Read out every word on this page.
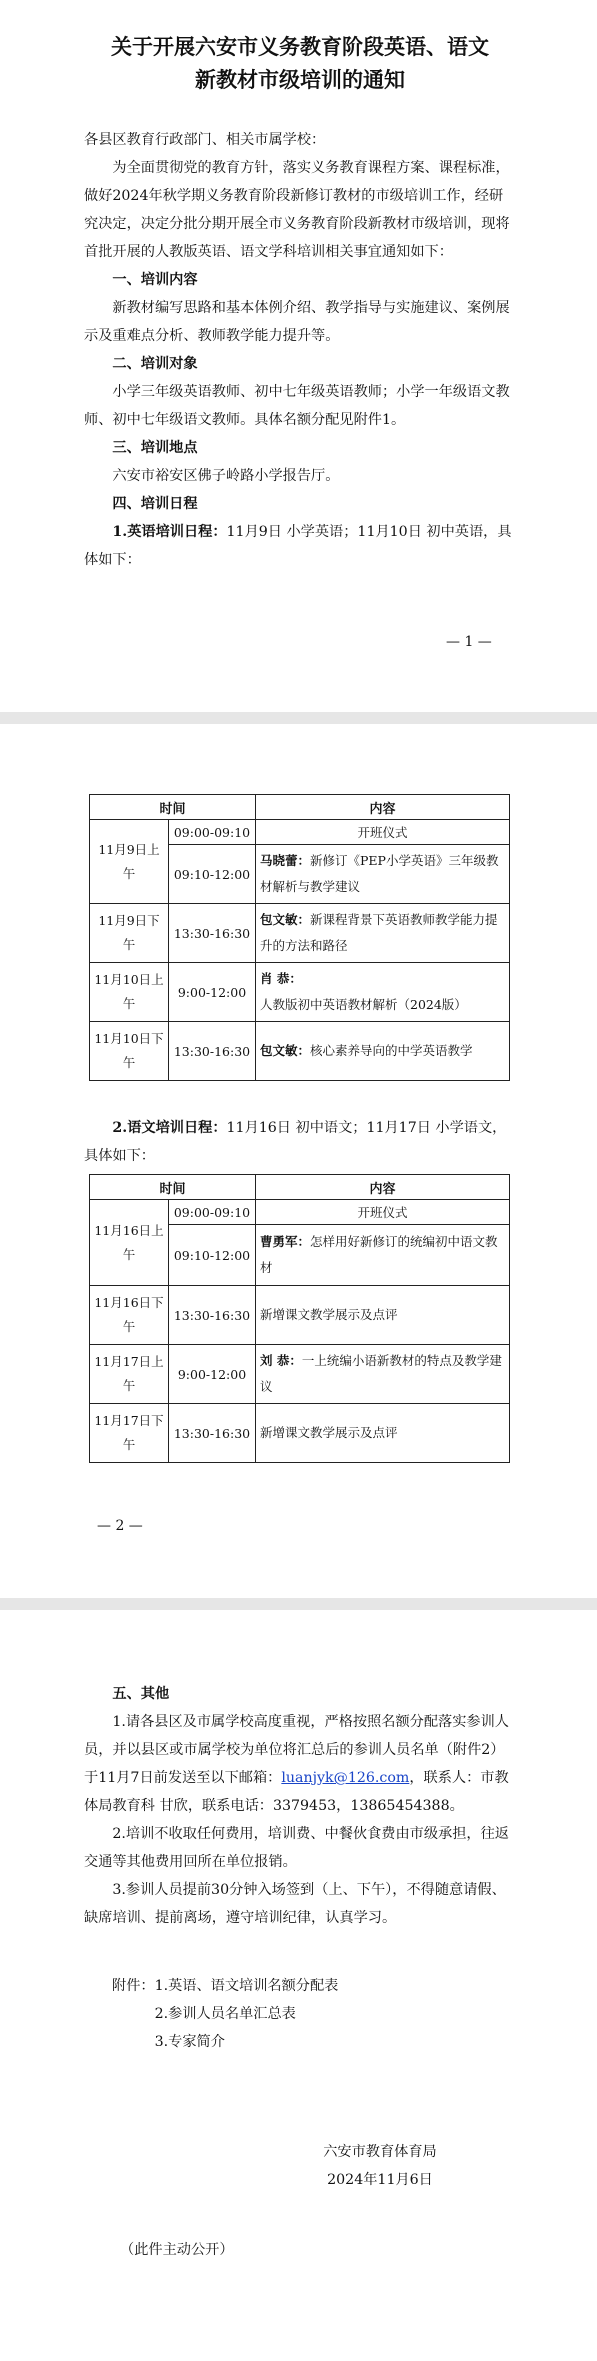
关于开展六安市义务教育阶段英语、语文
新教材市级培训的通知
各县区教育行政部门、相关市属学校：
为全面贯彻党的教育方针，落实义务教育课程方案、课程标准，做好2024年秋学期义务教育阶段新修订教材的市级培训工作，经研究决定，决定分批分期开展全市义务教育阶段新教材市级培训，现将首批开展的人教版英语、语文学科培训相关事宜通知如下：
一、培训内容
新教材编写思路和基本体例介绍、教学指导与实施建议、案例展示及重难点分析、教师教学能力提升等。
二、培训对象
小学三年级英语教师、初中七年级英语教师；小学一年级语文教师、初中七年级语文教师。具体名额分配见附件1。
三、培训地点
六安市裕安区佛子岭路小学报告厅。
四、培训日程
1.英语培训日程：11月9日 小学英语；11月10日 初中英语，具体如下：
— 1 —
时间		内容
11月9日上午	09:00-09:10	开班仪式
	09:10-12:00	马晓蕾：新修订《PEP小学英语》三年级教材解析与教学建议
11月9日下午	13:30-16:30	包文敏：新课程背景下英语教师教学能力提升的方法和路径
11月10日上午	9:00-12:00	肖 恭：人教版初中英语教材解析（2024版）
11月10日下午	13:30-16:30	包文敏：核心素养导向的中学英语教学
2.语文培训日程：11月16日 初中语文；11月17日 小学语文，具体如下：
时间		内容
11月16日上午	09:00-09:10	开班仪式
	09:10-12:00	曹勇军：怎样用好新修订的统编初中语文教材
11月16日下午	13:30-16:30	新增课文教学展示及点评
11月17日上午	9:00-12:00	刘 恭：一上统编小语新教材的特点及教学建议
11月17日下午	13:30-16:30	新增课文教学展示及点评
— 2 —
五、其他
1.请各县区及市属学校高度重视，严格按照名额分配落实参训人员，并以县区或市属学校为单位将汇总后的参训人员名单（附件2）于11月7日前发送至以下邮箱：luanjyk@126.com，联系人：市教体局教育科 甘欣，联系电话：3379453，13865454388。
2.培训不收取任何费用，培训费、中餐伙食费由市级承担，往返交通等其他费用回所在单位报销。
3.参训人员提前30分钟入场签到（上、下午），不得随意请假、缺席培训、提前离场，遵守培训纪律，认真学习。
附件：1.英语、语文培训名额分配表
2.参训人员名单汇总表
3.专家简介
六安市教育体育局
2024年11月6日
（此件主动公开）
